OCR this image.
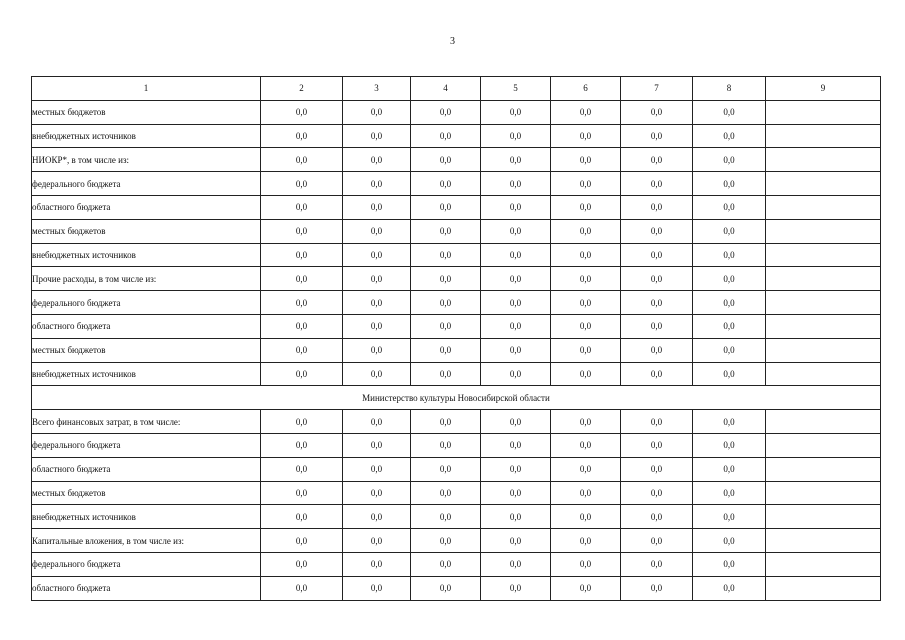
3
1	2	3	4	5	6	7	8	9
местных бюджетов	0,0	0,0	0,0	0,0	0,0	0,0	0,0	
внебюджетных источников	0,0	0,0	0,0	0,0	0,0	0,0	0,0	
НИОКР*, в том числе из:	0,0	0,0	0,0	0,0	0,0	0,0	0,0	
федерального бюджета	0,0	0,0	0,0	0,0	0,0	0,0	0,0	
областного бюджета	0,0	0,0	0,0	0,0	0,0	0,0	0,0	
местных бюджетов	0,0	0,0	0,0	0,0	0,0	0,0	0,0	
внебюджетных источников	0,0	0,0	0,0	0,0	0,0	0,0	0,0	
Прочие расходы, в том числе из:	0,0	0,0	0,0	0,0	0,0	0,0	0,0	
федерального бюджета	0,0	0,0	0,0	0,0	0,0	0,0	0,0	
областного бюджета	0,0	0,0	0,0	0,0	0,0	0,0	0,0	
местных бюджетов	0,0	0,0	0,0	0,0	0,0	0,0	0,0	
внебюджетных источников	0,0	0,0	0,0	0,0	0,0	0,0	0,0	
Министерство культуры Новосибирской области								
Всего финансовых затрат, в том числе:	0,0	0,0	0,0	0,0	0,0	0,0	0,0	
федерального бюджета	0,0	0,0	0,0	0,0	0,0	0,0	0,0	
областного бюджета	0,0	0,0	0,0	0,0	0,0	0,0	0,0	
местных бюджетов	0,0	0,0	0,0	0,0	0,0	0,0	0,0	
внебюджетных источников	0,0	0,0	0,0	0,0	0,0	0,0	0,0	
Капитальные вложения, в том числе из:	0,0	0,0	0,0	0,0	0,0	0,0	0,0	
федерального бюджета	0,0	0,0	0,0	0,0	0,0	0,0	0,0	
областного бюджета	0,0	0,0	0,0	0,0	0,0	0,0	0,0	
